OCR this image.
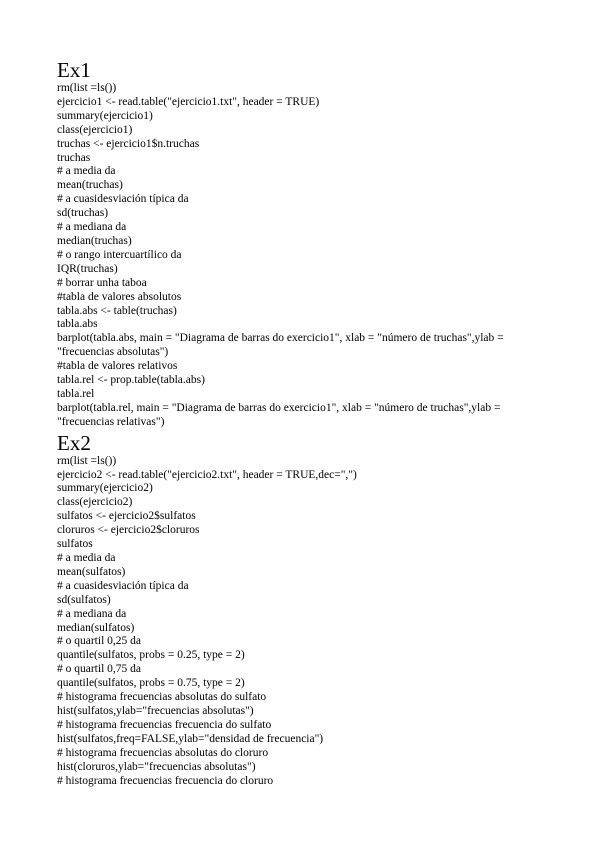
Ex1
rm(list =ls())
ejercicio1 <- read.table("ejercicio1.txt", header = TRUE)
summary(ejercicio1)
class(ejercicio1)
truchas <- ejercicio1$n.truchas
truchas
# a media da
mean(truchas)
# a cuasidesviación típica da
sd(truchas)
# a mediana da
median(truchas)
# o rango intercuartílico da
IQR(truchas)
# borrar unha taboa
#tabla de valores absolutos
tabla.abs <- table(truchas)
tabla.abs
barplot(tabla.abs, main = "Diagrama de barras do exercicio1", xlab = "número de truchas",ylab =
"frecuencias absolutas")
#tabla de valores relativos
tabla.rel <- prop.table(tabla.abs)
tabla.rel
barplot(tabla.rel, main = "Diagrama de barras do exercicio1", xlab = "número de truchas",ylab =
"frecuencias relativas")
Ex2
rm(list =ls())
ejercicio2 <- read.table("ejercicio2.txt", header = TRUE,dec=",")
summary(ejercicio2)
class(ejercicio2)
sulfatos <- ejercicio2$sulfatos
cloruros <- ejercicio2$cloruros
sulfatos
# a media da
mean(sulfatos)
# a cuasidesviación típica da
sd(sulfatos)
# a mediana da
median(sulfatos)
# o quartil 0,25 da
quantile(sulfatos, probs = 0.25, type = 2)
# o quartil 0,75 da
quantile(sulfatos, probs = 0.75, type = 2)
# histograma frecuencias absolutas do sulfato
hist(sulfatos,ylab="frecuencias absolutas")
# histograma frecuencias frecuencia do sulfato
hist(sulfatos,freq=FALSE,ylab="densidad de frecuencia")
# histograma frecuencias absolutas do cloruro
hist(cloruros,ylab="frecuencias absolutas")
# histograma frecuencias frecuencia do cloruro
